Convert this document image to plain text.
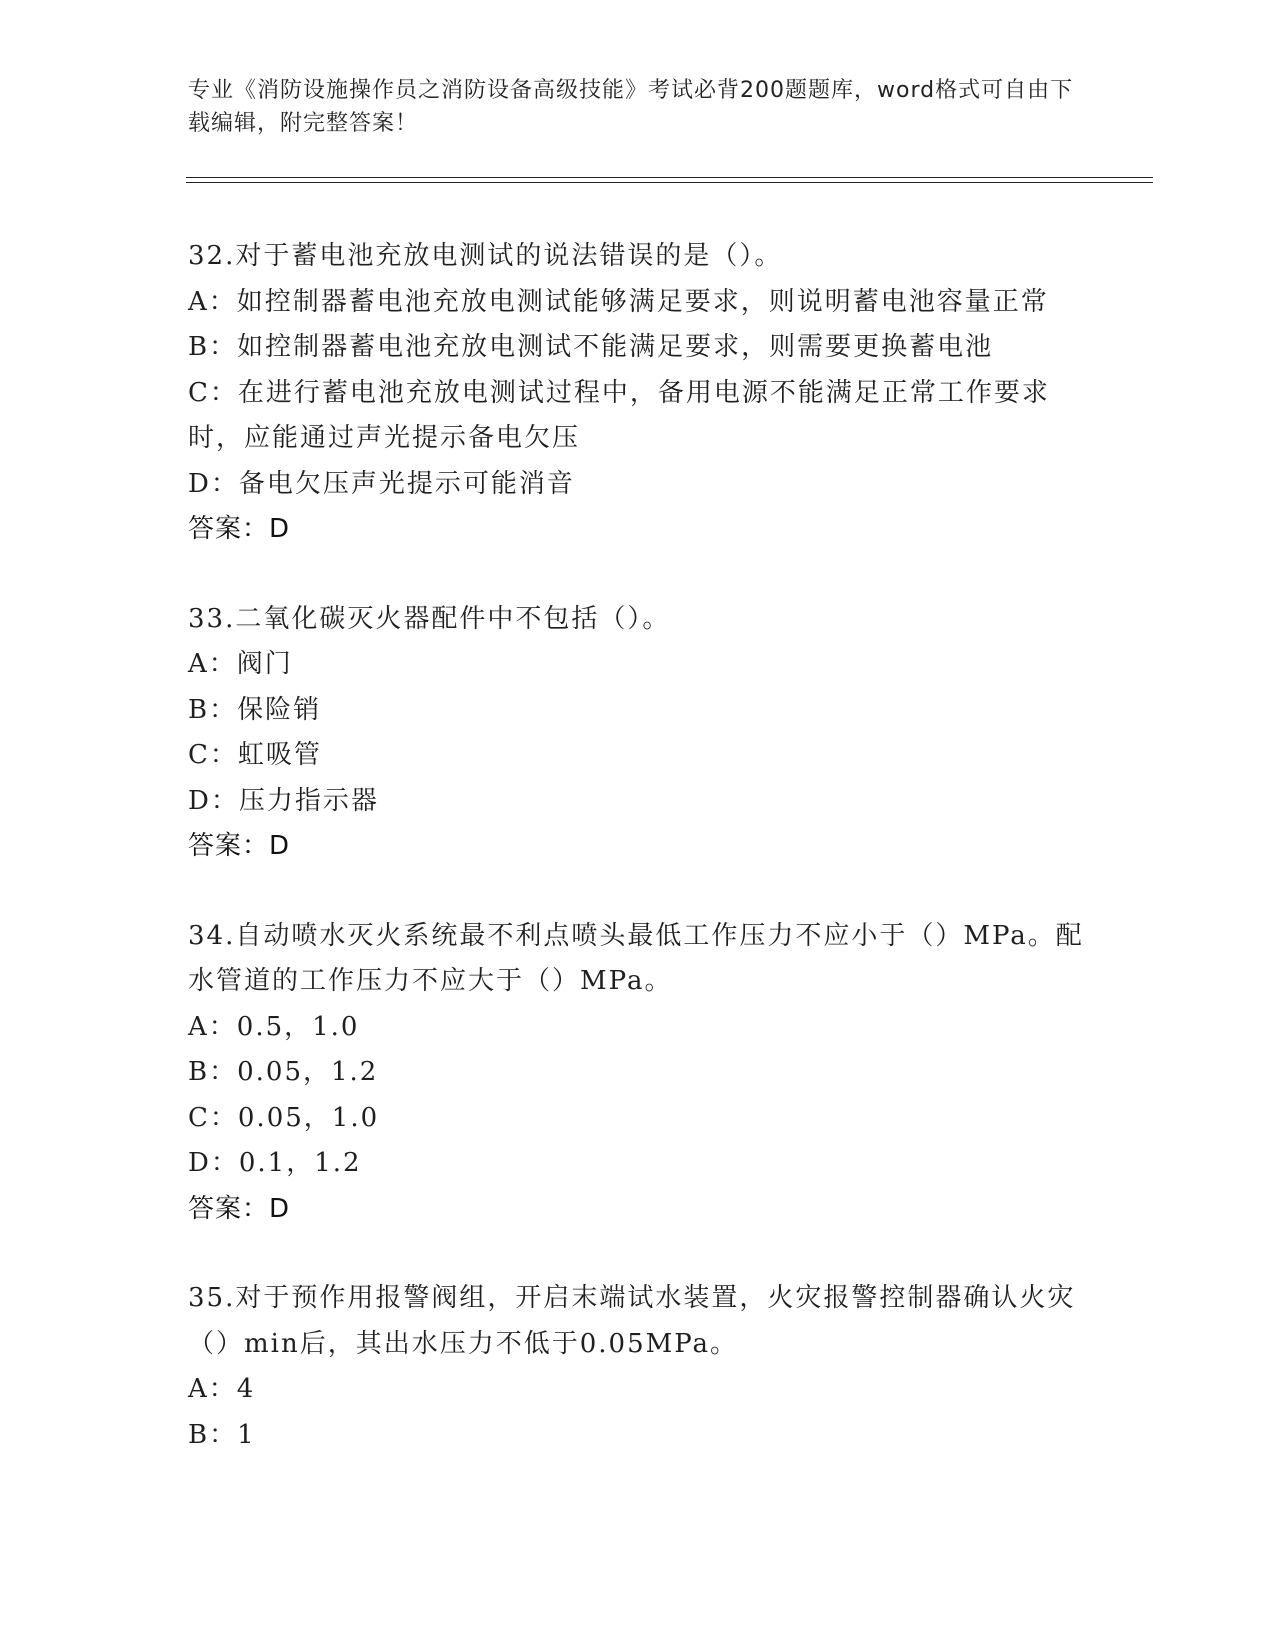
专业《消防设施操作员之消防设备高级技能》考试必背200题题库，word格式可自由下载编辑，附完整答案！
32.对于蓄电池充放电测试的说法错误的是（）。
A：如控制器蓄电池充放电测试能够满足要求，则说明蓄电池容量正常
B：如控制器蓄电池充放电测试不能满足要求，则需要更换蓄电池
C：在进行蓄电池充放电测试过程中，备用电源不能满足正常工作要求时，应能通过声光提示备电欠压
D：备电欠压声光提示可能消音
答案：D
33.二氧化碳灭火器配件中不包括（）。
A：阀门
B：保险销
C：虹吸管
D：压力指示器
答案：D
34.自动喷水灭火系统最不利点喷头最低工作压力不应小于（）MPa。配水管道的工作压力不应大于（）MPa。
A：0.5，1.0
B：0.05，1.2
C：0.05，1.0
D：0.1，1.2
答案：D
35.对于预作用报警阀组，开启末端试水装置，火灾报警控制器确认火灾（）min后，其出水压力不低于0.05MPa。
A：4
B：1
